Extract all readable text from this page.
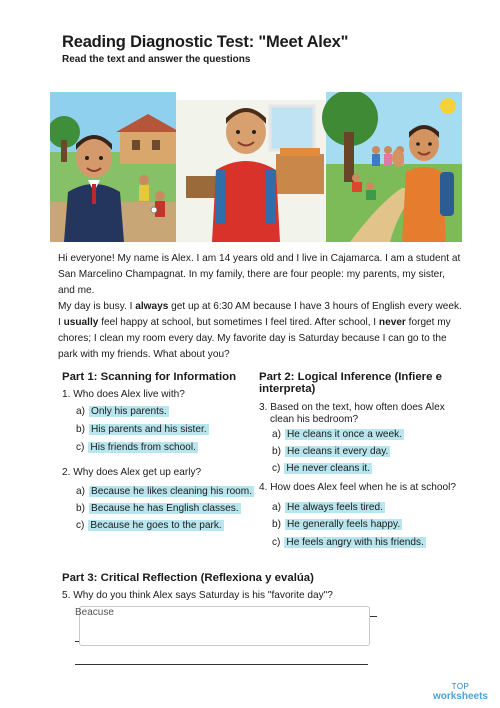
Reading Diagnostic Test: "Meet Alex"
Read the text and answer the questions

Hi everyone! My name is Alex. I am 14 years old and I live in Cajamarca. I am a student at San Marcelino Champagnat. In my family, there are four people: my parents, my sister, and me.

My day is busy. I always get up at 6:30 AM because I have 3 hours of English every week. I usually feel happy at school, but sometimes I feel tired. After school, I never forget my chores; I clean my room every day. My favorite day is Saturday because I can go to the park with my friends. What about you?

Part 1: Scanning for Information
1. Who does Alex live with?
a) Only his parents.
b) His parents and his sister.
c) His friends from school.
2. Why does Alex get up early?
a) Because he likes cleaning his room.
b) Because he has English classes.
c) Because he goes to the park.
Part 2: Logical Inference (Infiere e
interpreta)
3. Based on the text, how often does Alex
clean his bedroom?
a) He cleans it once a week.
b) He cleans it every day.
c) He never cleans it.
4. How does Alex feel when he is at school?
a) He always feels tired.
b) He generally feels happy.
c) He feels angry with his friends.
Part 3: Critical Reflection (Reflexiona y evalúa)
5. Why do you think Alex says Saturday is his "favorite day"?
Beacuse
TOP
worksheets
